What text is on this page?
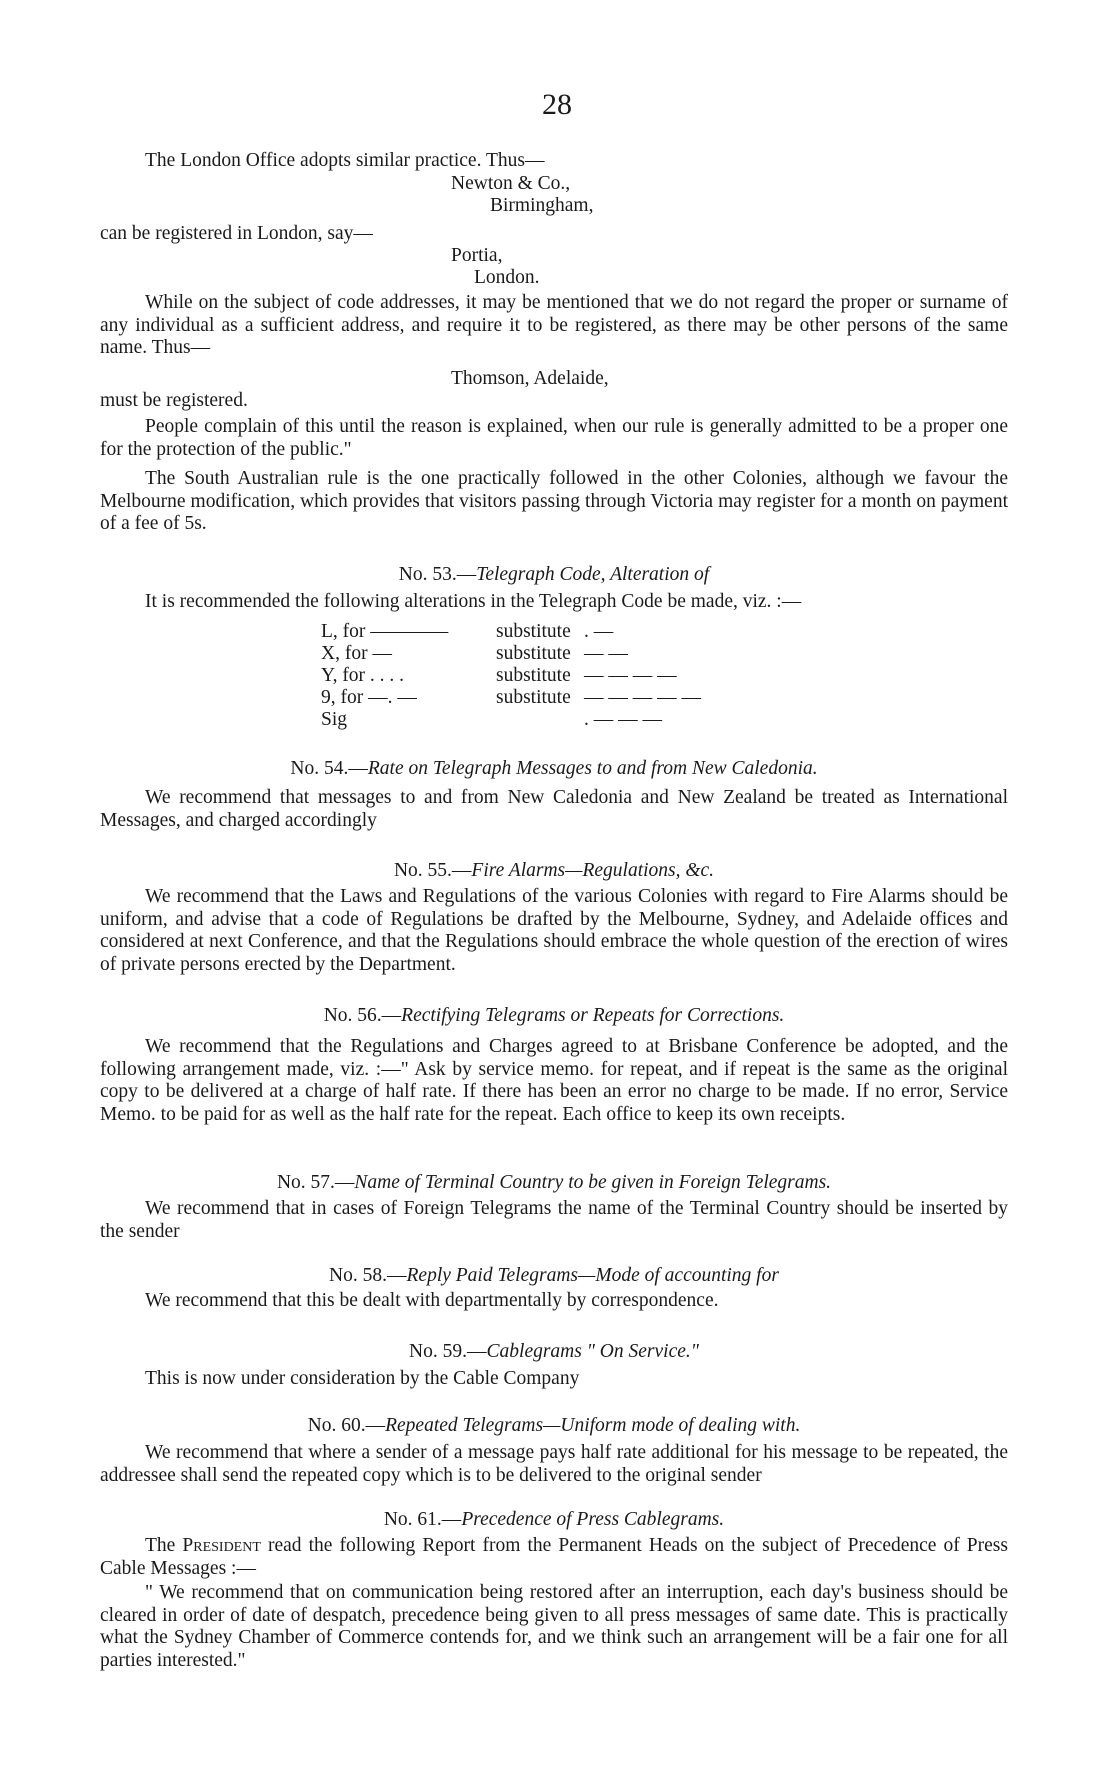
28
The London Office adopts similar practice. Thus—
Newton & Co.,
Birmingham,
can be registered in London, say—
Portia,
London.
While on the subject of code addresses, it may be mentioned that we do not regard the proper or surname of any individual as a sufficient address, and require it to be registered, as there may be other persons of the same name. Thus—
Thomson, Adelaide,
must be registered.
People complain of this until the reason is explained, when our rule is generally admitted to be a proper one for the protection of the public."
The South Australian rule is the one practically followed in the other Colonies, although we favour the Melbourne modification, which provides that visitors passing through Victoria may register for a month on payment of a fee of 5s.
No. 53.—Telegraph Code, Alteration of
It is recommended the following alterations in the Telegraph Code be made, viz. :—
L, for ————	substitute . —
X, for —	substitute — —
Y, for . . . .	substitute — — — —
9, for —. —	substitute — — — — —
Sig	. — — —
No. 54.—Rate on Telegraph Messages to and from New Caledonia.
We recommend that messages to and from New Caledonia and New Zealand be treated as International Messages, and charged accordingly
No. 55.—Fire Alarms—Regulations, &c.
We recommend that the Laws and Regulations of the various Colonies with regard to Fire Alarms should be uniform, and advise that a code of Regulations be drafted by the Melbourne, Sydney, and Adelaide offices and considered at next Conference, and that the Regulations should embrace the whole question of the erection of wires of private persons erected by the Department.
No. 56.—Rectifying Telegrams or Repeats for Corrections.
We recommend that the Regulations and Charges agreed to at Brisbane Conference be adopted, and the following arrangement made, viz. :—" Ask by service memo. for repeat, and if repeat is the same as the original copy to be delivered at a charge of half rate. If there has been an error no charge to be made. If no error, Service Memo. to be paid for as well as the half rate for the repeat. Each office to keep its own receipts.
No. 57.—Name of Terminal Country to be given in Foreign Telegrams.
We recommend that in cases of Foreign Telegrams the name of the Terminal Country should be inserted by the sender
No. 58.—Reply Paid Telegrams—Mode of accounting for
We recommend that this be dealt with departmentally by correspondence.
No. 59.—Cablegrams " On Service."
This is now under consideration by the Cable Company
No. 60.—Repeated Telegrams—Uniform mode of dealing with.
We recommend that where a sender of a message pays half rate additional for his message to be repeated, the addressee shall send the repeated copy which is to be delivered to the original sender
No. 61.—Precedence of Press Cablegrams.
The President read the following Report from the Permanent Heads on the subject of Precedence of Press Cable Messages :—
" We recommend that on communication being restored after an interruption, each day's business should be cleared in order of date of despatch, precedence being given to all press messages of same date. This is practically what the Sydney Chamber of Commerce contends for, and we think such an arrangement will be a fair one for all parties interested."
